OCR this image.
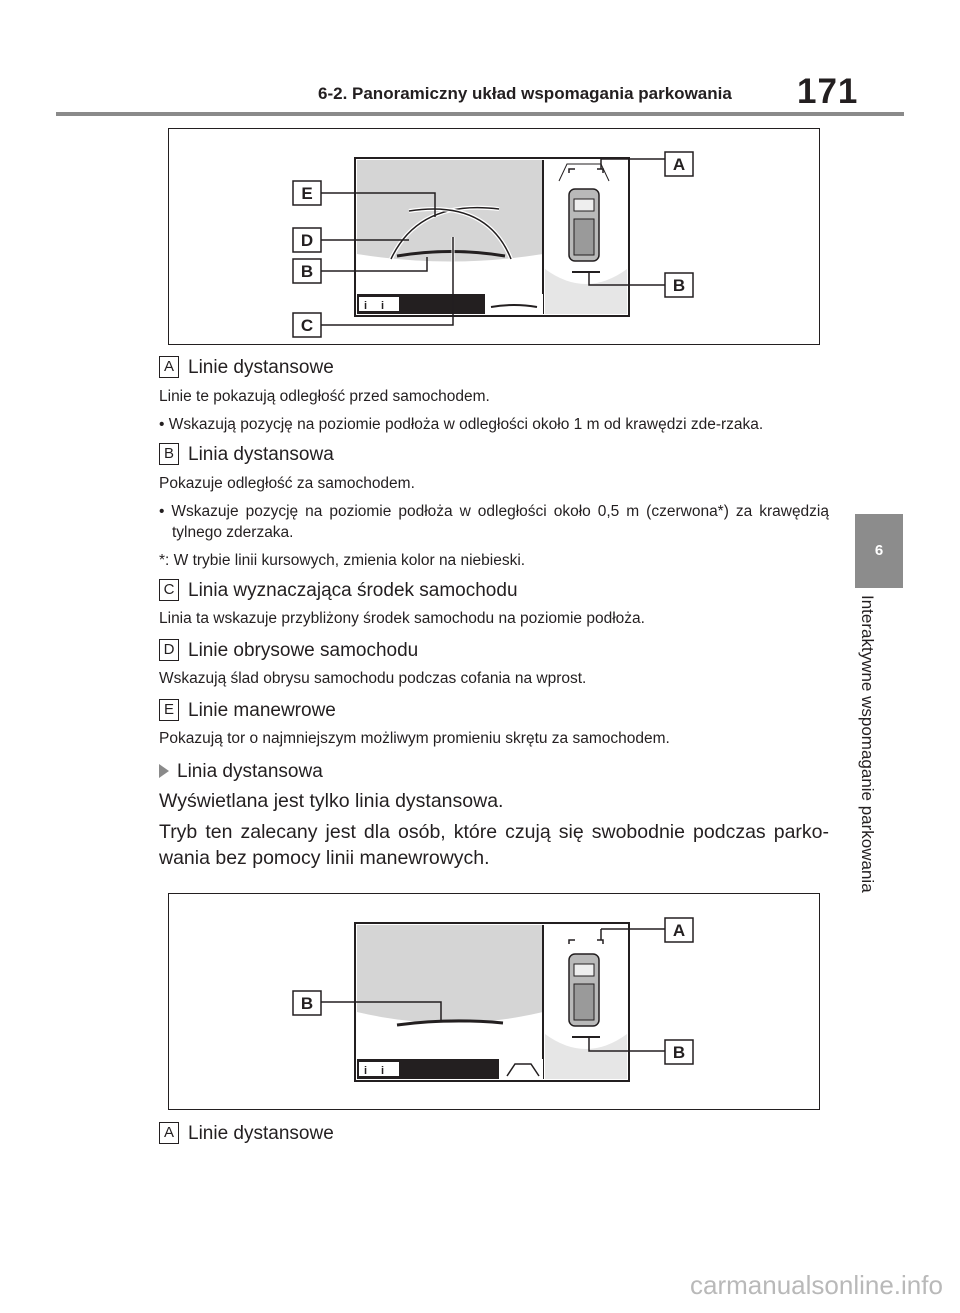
6-2. Panoramiczny układ wspomagania parkowania 171
6
Interaktywne wspomaganie parkowania
i i
A
B
E
D
B
C
A Linie dystansowe
Linie te pokazują odległość przed samochodem.
• Wskazują pozycję na poziomie podłoża w odległości około 1 m od krawędzi zde-rzaka.
B Linia dystansowa
Pokazuje odległość za samochodem.
• Wskazuje pozycję na poziomie podłoża w odległości około 0,5 m (czerwona*) za krawędzią tylnego zderzaka.
*: W trybie linii kursowych, zmienia kolor na niebieski.
C Linia wyznaczająca środek samochodu
Linia ta wskazuje przybliżony środek samochodu na poziomie podłoża.
D Linie obrysowe samochodu
Wskazują ślad obrysu samochodu podczas cofania na wprost.
E Linie manewrowe
Pokazują tor o najmniejszym możliwym promieniu skrętu za samochodem.
Linia dystansowa
Wyświetlana jest tylko linia dystansowa.
Tryb ten zalecany jest dla osób, które czują się swobodnie podczas parko-wania bez pomocy linii manewrowych.
i i
A
B
B
A Linie dystansowe
carmanualsonline.info
